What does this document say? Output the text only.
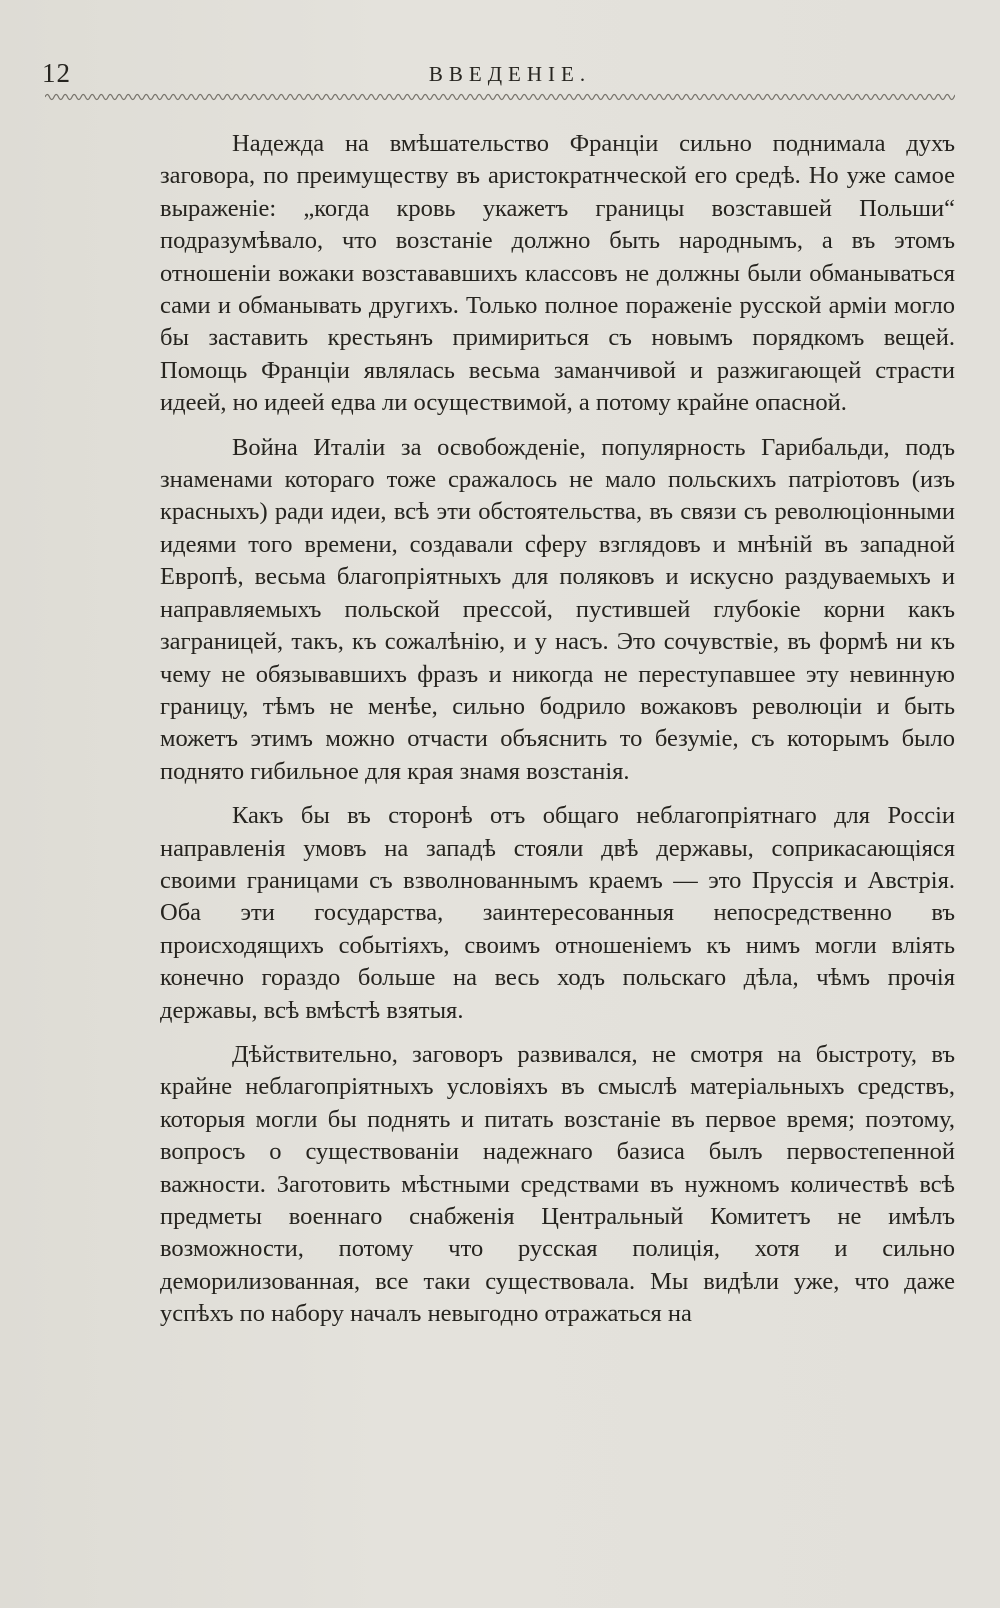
12	ВВЕДЕНІЕ.

Надежда на вмѣшательство Франціи сильно поднимала духъ заговора, по преимуществу въ аристократнческой его средѣ. Но уже самое выраженіе: „когда кровь укажетъ границы возставшей Польши“ подразумѣвало, что возстаніе должно быть народнымъ, а въ этомъ отношеніи вожаки возстававшихъ классовъ не должны были обманываться сами и обманывать другихъ. Только полное пораженіе русской арміи могло бы заставить крестьянъ примириться съ новымъ порядкомъ вещей. Помощь Франціи являлась весьма заманчивой и разжигающей страсти идеей, но идеей едва ли осуществимой, а потому крайне опасной.

Война Италіи за освобожденіе, популярность Гарибальди, подъ знаменами котораго тоже сражалось не мало польскихъ патріотовъ (изъ красныхъ) ради идеи, всѣ эти обстоятельства, въ связи съ революціонными идеями того времени, создавали сферу взглядовъ и мнѣній въ западной Европѣ, весьма благопріятныхъ для поляковъ и искусно раздуваемыхъ и направляемыхъ польской прессой, пустившей глубокіе корни какъ заграницей, такъ, къ сожалѣнію, и у насъ. Это сочувствіе, въ формѣ ни къ чему не обязывавшихъ фразъ и никогда не переступавшее эту невинную границу, тѣмъ не менѣе, сильно бодрило вожаковъ революціи и быть можетъ этимъ можно отчасти объяснить то безуміе, съ которымъ было поднято гибильное для края знамя возстанія.

Какъ бы въ сторонѣ отъ общаго неблагопріятнаго для Россіи направленія умовъ на западѣ стояли двѣ державы, соприкасающіяся своими границами съ взволнованнымъ краемъ — это Пруссія и Австрія. Оба эти государства, заинтересованныя непосредственно въ происходящихъ событіяхъ, своимъ отношеніемъ къ нимъ могли вліять конечно гораздо больше на весь ходъ польскаго дѣла, чѣмъ прочія державы, всѣ вмѣстѣ взятыя.

Дѣйствительно, заговоръ развивался, не смотря на быстроту, въ крайне неблагопріятныхъ условіяхъ въ смыслѣ матеріальныхъ средствъ, которыя могли бы поднять и питать возстаніе въ первое время; поэтому, вопросъ о существованіи надежнаго базиса былъ первостепенной важности. Заготовить мѣстными средствами въ нужномъ количествѣ всѣ предметы военнаго снабженія Центральный Комитетъ не имѣлъ возможности, потому что русская полиція, хотя и сильно деморилизованная, все таки существовала. Мы видѣли уже, что даже успѣхъ по набору началъ невыгодно отражаться на
